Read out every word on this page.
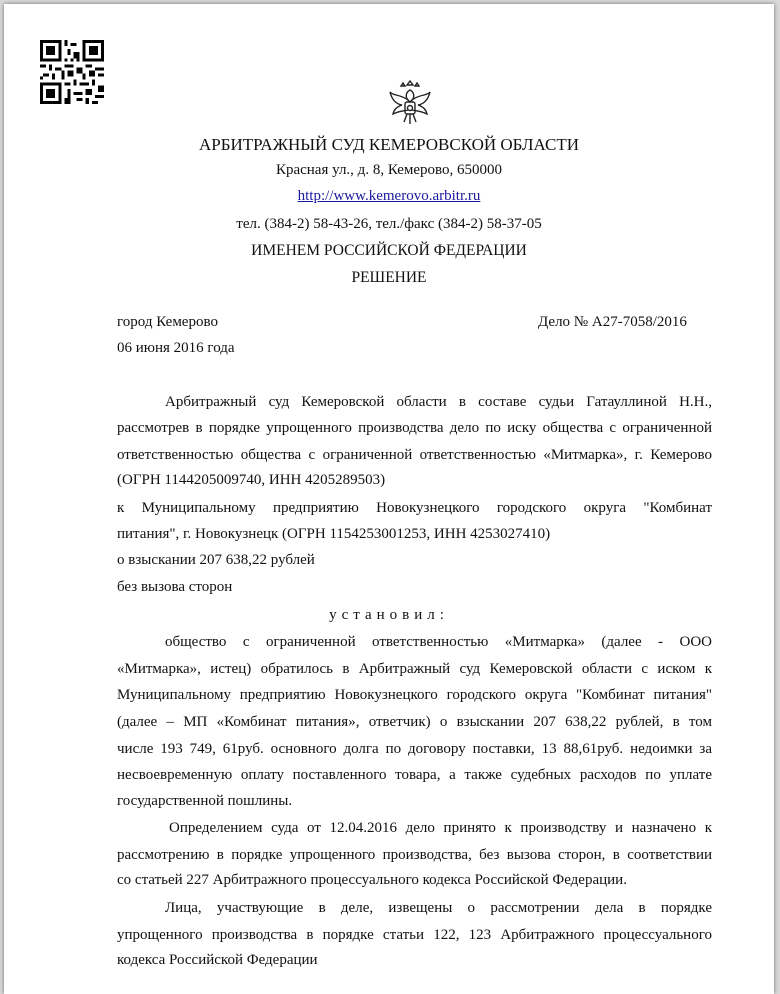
АРБИТРАЖНЫЙ СУД КЕМЕРОВСКОЙ ОБЛАСТИ
Красная ул., д. 8, Кемерово, 650000
http://www.kemerovo.arbitr.ru
тел. (384-2) 58-43-26, тел./факс (384-2) 58-37-05
ИМЕНЕМ РОССИЙСКОЙ ФЕДЕРАЦИИ
РЕШЕНИЕ
город Кемерово	Дело № А27-7058/2016
06 июня 2016 года
Арбитражный суд Кемеровской области в составе судьи Гатауллиной Н.Н.,
рассмотрев в порядке упрощенного производства дело по иску общества с ограниченной
ответственностью общества с ограниченной ответственностью «Митмарка», г. Кемерово
(ОГРН 1144205009740, ИНН 4205289503)
к Муниципальному предприятию Новокузнецкого городского округа "Комбинат
питания", г. Новокузнецк (ОГРН 1154253001253, ИНН 4253027410)
о взыскании 207 638,22 рублей
без вызова сторон
установил:
общество с ограниченной ответственностью «Митмарка» (далее - ООО
«Митмарка», истец) обратилось в Арбитражный суд Кемеровской области с иском к
Муниципальному предприятию Новокузнецкого городского округа "Комбинат питания"
(далее – МП «Комбинат питания», ответчик) о взыскании 207 638,22 рублей, в том
числе 193 749, 61руб. основного долга по договору поставки, 13 88,61руб. недоимки за
несвоевременную оплату поставленного товара, а также судебных расходов по уплате
государственной пошлины.
Определением суда от 12.04.2016 дело принято к производству и назначено к
рассмотрению в порядке упрощенного производства, без вызова сторон, в соответствии
со статьей 227 Арбитражного процессуального кодекса Российской Федерации.
Лица, участвующие в деле, извещены о рассмотрении дела в порядке
упрощенного производства в порядке статьи 122, 123 Арбитражного процессуального
кодекса Российской Федерации
